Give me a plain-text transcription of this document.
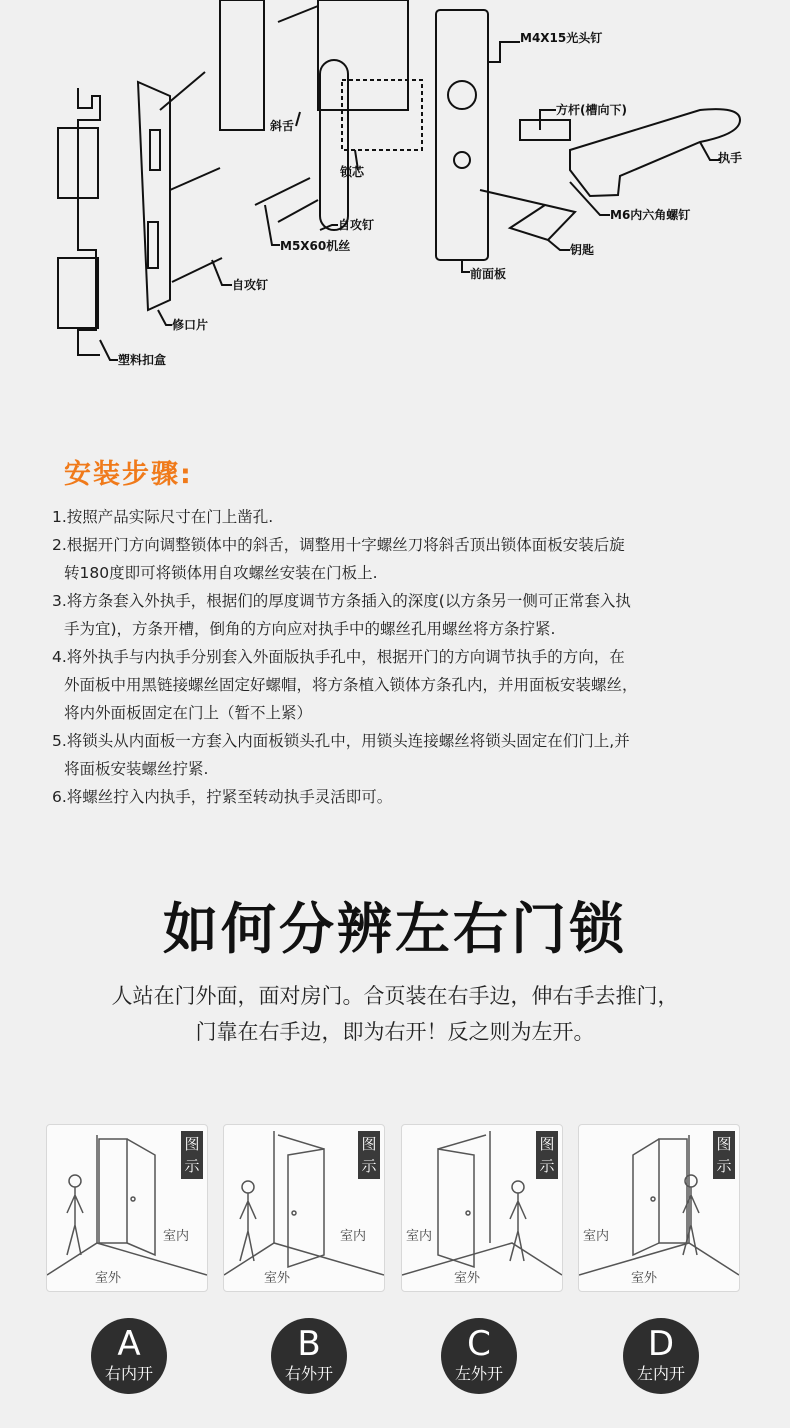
M4X15光头钉
方杆(槽向下)
执手
M6内六角螺钉
钥匙
前面板
斜舌
锁芯
自攻钉
M5X60机丝
自攻钉
修口片
塑料扣盒
安装步骤:
1.按照产品实际尺寸在门上凿孔.
2.根据开门方向调整锁体中的斜舌，调整用十字螺丝刀将斜舌顶出锁体面板安装后旋
转180度即可将锁体用自攻螺丝安装在门板上.
3.将方条套入外执手，根据们的厚度调节方条插入的深度(以方条另一侧可正常套入执
手为宜)，方条开槽，倒角的方向应对执手中的螺丝孔用螺丝将方条拧紧.
4.将外执手与内执手分别套入外面版执手孔中，根据开门的方向调节执手的方向，在
外面板中用黑链接螺丝固定好螺帽，将方条植入锁体方条孔内，并用面板安装螺丝，
将内外面板固定在门上（暂不上紧）
5.将锁头从内面板一方套入内面板锁头孔中，用锁头连接螺丝将锁头固定在们门上,并
将面板安装螺丝拧紧.
6.将螺丝拧入内执手，拧紧至转动执手灵活即可。
如何分辨左右门锁

人站在门外面，面对房门。合页装在右手边，伸右手去推门，
门靠在右手边，即为右开！反之则为左开。

图示
室内
室外
图示
室内
室外
图示
室内
室外
图示
室内
室外
A
右内开
B
右外开
C
左外开
D
左内开
